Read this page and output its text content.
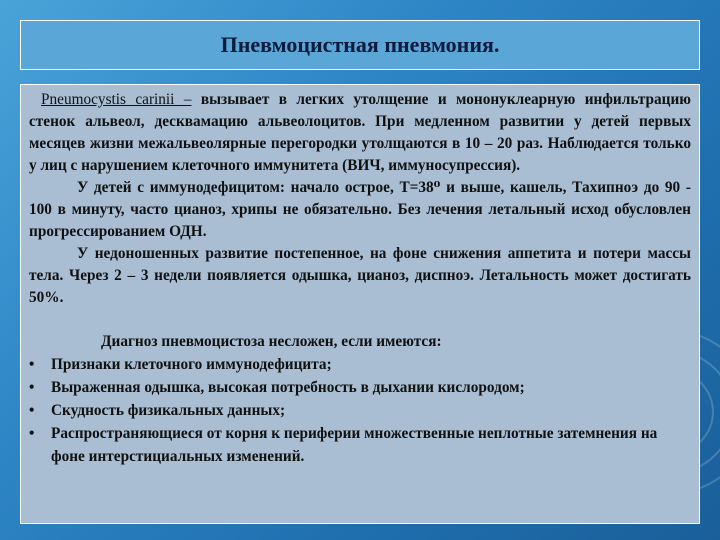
Пневмоцистная пневмония.

Pneumocystis carinii – вызывает в легких утолщение и мононуклеарную инфильтрацию стенок альвеол, десквамацию альвеолоцитов. При медленном развитии у детей первых месяцев жизни межальвеолярные перегородки утолщаются в 10 – 20 раз. Наблюдается только у лиц с нарушением клеточного иммунитета (ВИЧ, иммуносупрессия).

У детей с иммунодефицитом: начало острое, Т=38⁰ и выше, кашель, Тахипноэ до 90 - 100 в минуту, часто цианоз, хрипы не обязательно. Без лечения летальный исход обусловлен прогрессированием ОДН.

У недоношенных развитие постепенное, на фоне снижения аппетита и потери массы тела. Через 2 – 3 недели появляется одышка, цианоз, диспноэ. Летальность может достигать 50%.

Диагноз пневмоцистоза несложен, если имеются:

•	Признаки клеточного иммунодефицита;
•	Выраженная одышка, высокая потребность в дыхании кислородом;
•	Скудность физикальных данных;
•	Распространяющиеся от корня к периферии множественные неплотные затемнения на фоне интерстициальных изменений.
